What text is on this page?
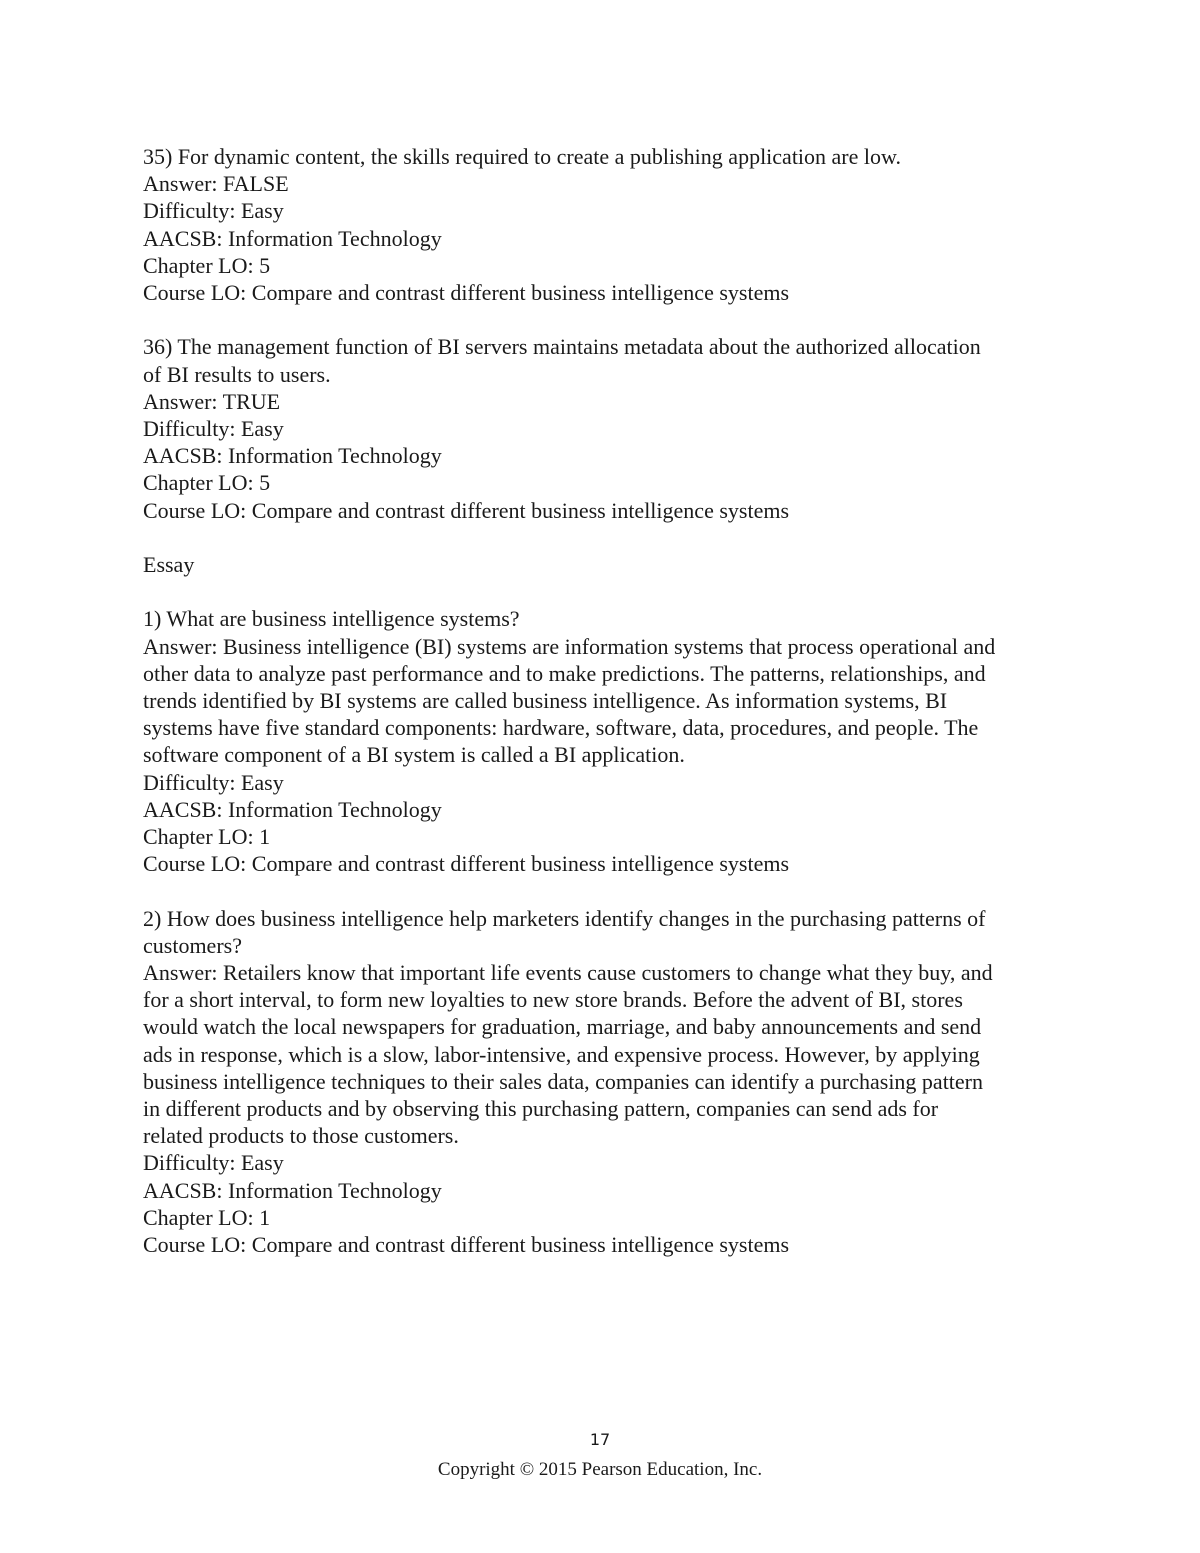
35) For dynamic content, the skills required to create a publishing application are low.
Answer: FALSE
Difficulty: Easy
AACSB: Information Technology
Chapter LO: 5
Course LO: Compare and contrast different business intelligence systems
36) The management function of BI servers maintains metadata about the authorized allocation
of BI results to users.
Answer: TRUE
Difficulty: Easy
AACSB: Information Technology
Chapter LO: 5
Course LO: Compare and contrast different business intelligence systems
Essay
1) What are business intelligence systems?
Answer: Business intelligence (BI) systems are information systems that process operational and
other data to analyze past performance and to make predictions. The patterns, relationships, and
trends identified by BI systems are called business intelligence. As information systems, BI
systems have five standard components: hardware, software, data, procedures, and people. The
software component of a BI system is called a BI application.
Difficulty: Easy
AACSB: Information Technology
Chapter LO: 1
Course LO: Compare and contrast different business intelligence systems
2) How does business intelligence help marketers identify changes in the purchasing patterns of
customers?
Answer: Retailers know that important life events cause customers to change what they buy, and
for a short interval, to form new loyalties to new store brands. Before the advent of BI, stores
would watch the local newspapers for graduation, marriage, and baby announcements and send
ads in response, which is a slow, labor-intensive, and expensive process. However, by applying
business intelligence techniques to their sales data, companies can identify a purchasing pattern
in different products and by observing this purchasing pattern, companies can send ads for
related products to those customers.
Difficulty: Easy
AACSB: Information Technology
Chapter LO: 1
Course LO: Compare and contrast different business intelligence systems
17
Copyright © 2015 Pearson Education, Inc.
